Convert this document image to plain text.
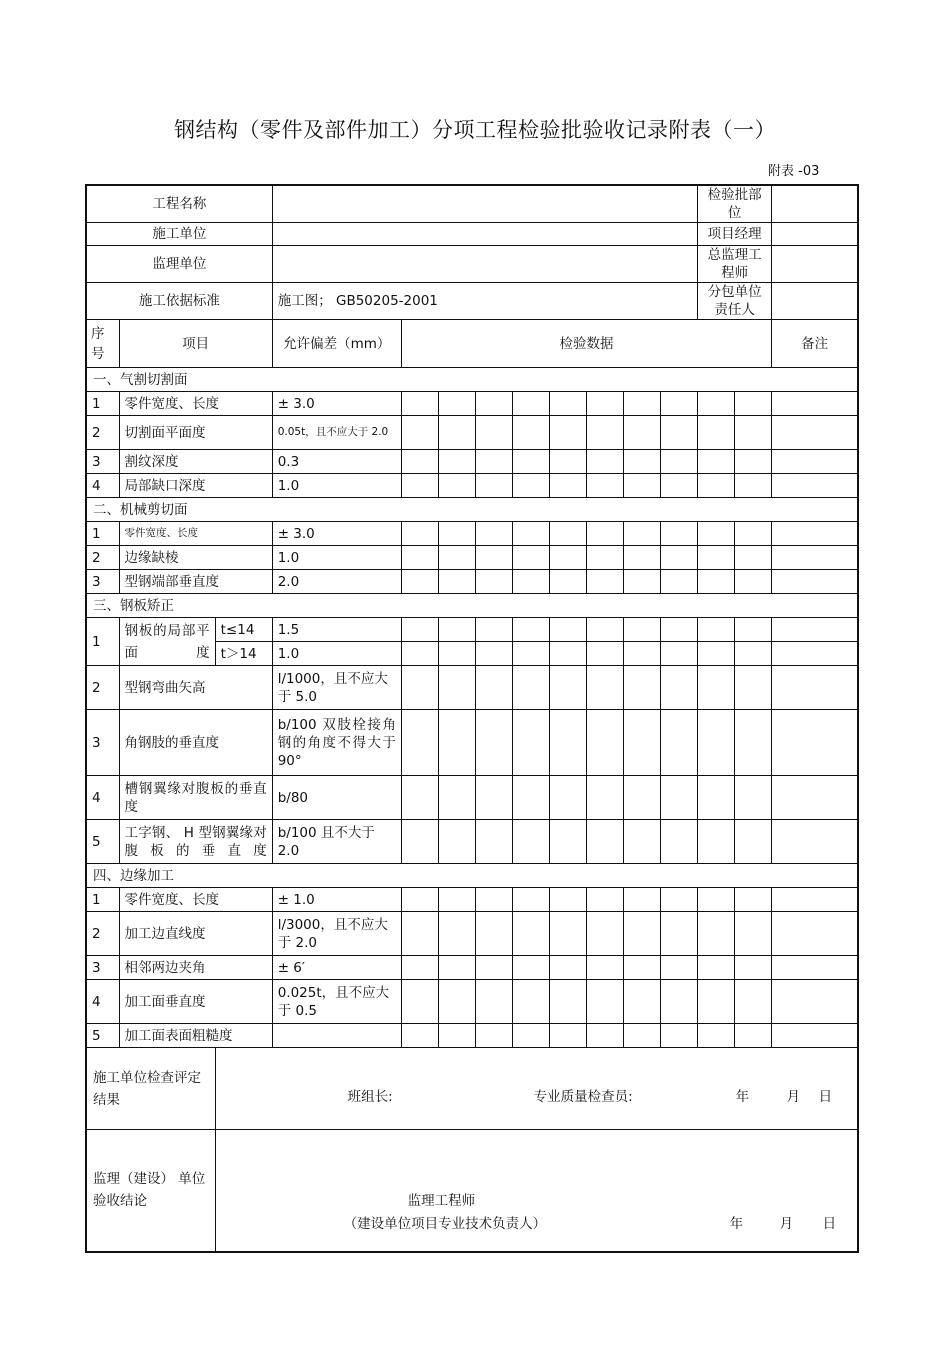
钢结构（零件及部件加工）分项工程检验批验收记录附表（一）
附表 -03
工程名称												检验批部位		
施工单位												项目经理		
监理单位												总监理工程师		
施工依据标准			施工图； GB50205-2001									分包单位责任人		
序号	项目		允许偏差（mm）	检验数据										备注
一、气割切割面														
1	零件宽度、长度		± 3.0											
2	切割面平面度		0.05t，且不应大于 2.0											
3	割纹深度		0.3											
4	局部缺口深度		1.0											
二、机械剪切面														
1	零件宽度、长度		± 3.0											
2	边缘缺棱		1.0											
3	型钢端部垂直度		2.0											
三、钢板矫正														
1	钢板的局部平面度	t≤14	1.5											
		t＞14	1.0											
2	型钢弯曲矢高		l/1000，且不应大于 5.0											
3	角钢肢的垂直度		b/100 双肢栓接角钢的角度不得大于 90°											
4	槽钢翼缘对腹板的垂直度		b/80											
5	工字钢、 H 型钢翼缘对腹板的垂直度		b/100 且不大于 2.0											
四、边缘加工														
1	零件宽度、长度		± 1.0											
2	加工边直线度		l/3000，且不应大于 2.0											
3	相邻两边夹角		± 6′											
4	加工面垂直度		0.025t，且不应大于 0.5											
5	加工面表面粗糙度													
施工单位检查评定结果		班组长: 专业质量检查员: 年 月 日												

监理（建设） 单位验收结论		监理工程师
（建设单位项目专业技术负责人） 年 月 日												
